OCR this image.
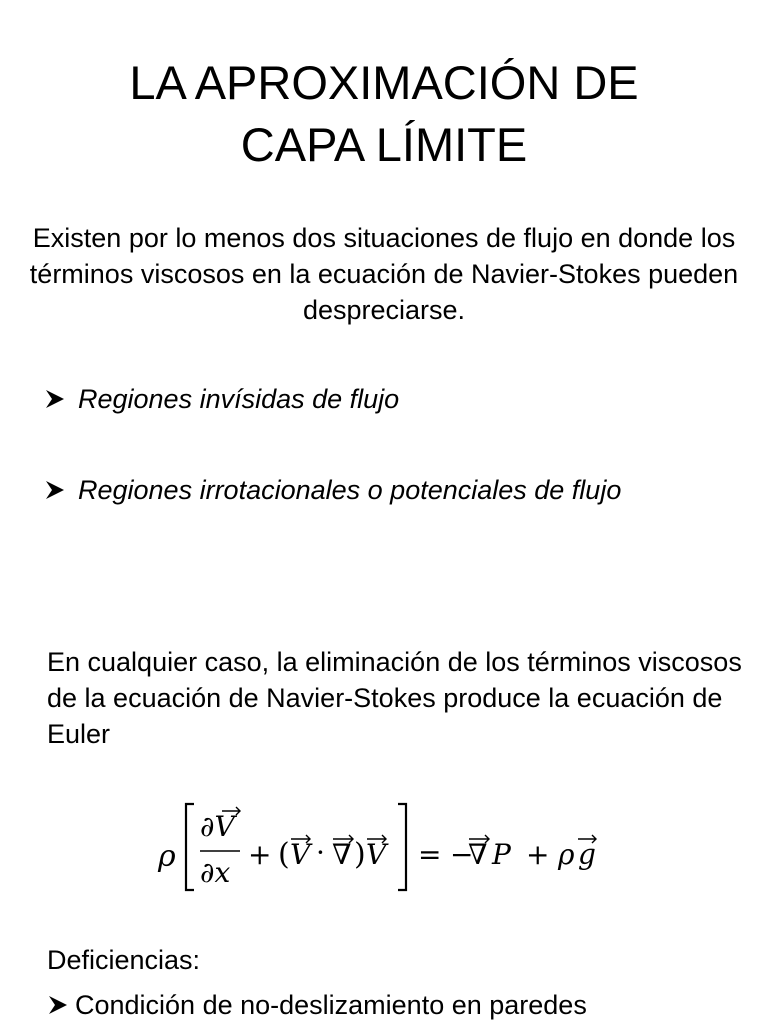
LA APROXIMACIÓN DE
CAPA LÍMITE

Existen por lo menos dos situaciones de flujo en donde los términos viscosos en la ecuación de Navier-Stokes pueden despreciarse.

Regiones invísidas de flujo
Regiones irrotacionales o potenciales de flujo

En cualquier caso, la eliminación de los términos viscosos de la ecuación de Navier-Stokes produce la ecuación de Euler

ρ
∂V
∂x
+ ( V · ∇ ) V = −
∇ P + ρ g
Deficiencias:
Condición de no-deslizamiento en paredes
